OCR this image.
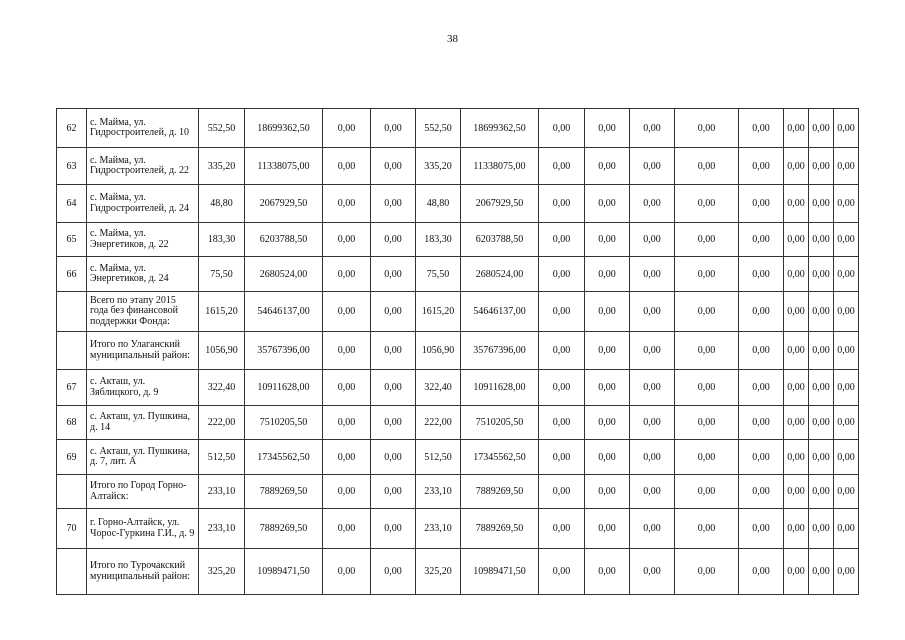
38
62	с. Майма, ул. Гидростроителей, д. 10	552,50	18699362,50	0,00	0,00	552,50	18699362,50	0,00	0,00	0,00	0,00	0,00	0,00	0,00	0,00
63	с. Майма, ул. Гидростроителей, д. 22	335,20	11338075,00	0,00	0,00	335,20	11338075,00	0,00	0,00	0,00	0,00	0,00	0,00	0,00	0,00
64	с. Майма, ул. Гидростроителей, д. 24	48,80	2067929,50	0,00	0,00	48,80	2067929,50	0,00	0,00	0,00	0,00	0,00	0,00	0,00	0,00
65	с. Майма, ул. Энергетиков, д. 22	183,30	6203788,50	0,00	0,00	183,30	6203788,50	0,00	0,00	0,00	0,00	0,00	0,00	0,00	0,00
66	с. Майма, ул. Энергетиков, д. 24	75,50	2680524,00	0,00	0,00	75,50	2680524,00	0,00	0,00	0,00	0,00	0,00	0,00	0,00	0,00
	Всего по этапу 2015 года без финансовой поддержки Фонда:	1615,20	54646137,00	0,00	0,00	1615,20	54646137,00	0,00	0,00	0,00	0,00	0,00	0,00	0,00	0,00
	Итого по Улаганский муниципальный район:	1056,90	35767396,00	0,00	0,00	1056,90	35767396,00	0,00	0,00	0,00	0,00	0,00	0,00	0,00	0,00
67	с. Акташ, ул. Зяблицкого, д. 9	322,40	10911628,00	0,00	0,00	322,40	10911628,00	0,00	0,00	0,00	0,00	0,00	0,00	0,00	0,00
68	с. Акташ, ул. Пушкина, д. 14	222,00	7510205,50	0,00	0,00	222,00	7510205,50	0,00	0,00	0,00	0,00	0,00	0,00	0,00	0,00
69	с. Акташ, ул. Пушкина, д. 7, лит. А	512,50	17345562,50	0,00	0,00	512,50	17345562,50	0,00	0,00	0,00	0,00	0,00	0,00	0,00	0,00
	Итого по Город Горно-Алтайск:	233,10	7889269,50	0,00	0,00	233,10	7889269,50	0,00	0,00	0,00	0,00	0,00	0,00	0,00	0,00
70	г. Горно-Алтайск, ул. Чорос-Гуркина Г.И., д. 9	233,10	7889269,50	0,00	0,00	233,10	7889269,50	0,00	0,00	0,00	0,00	0,00	0,00	0,00	0,00
	Итого по Турочакский муниципальный район:	325,20	10989471,50	0,00	0,00	325,20	10989471,50	0,00	0,00	0,00	0,00	0,00	0,00	0,00	0,00
